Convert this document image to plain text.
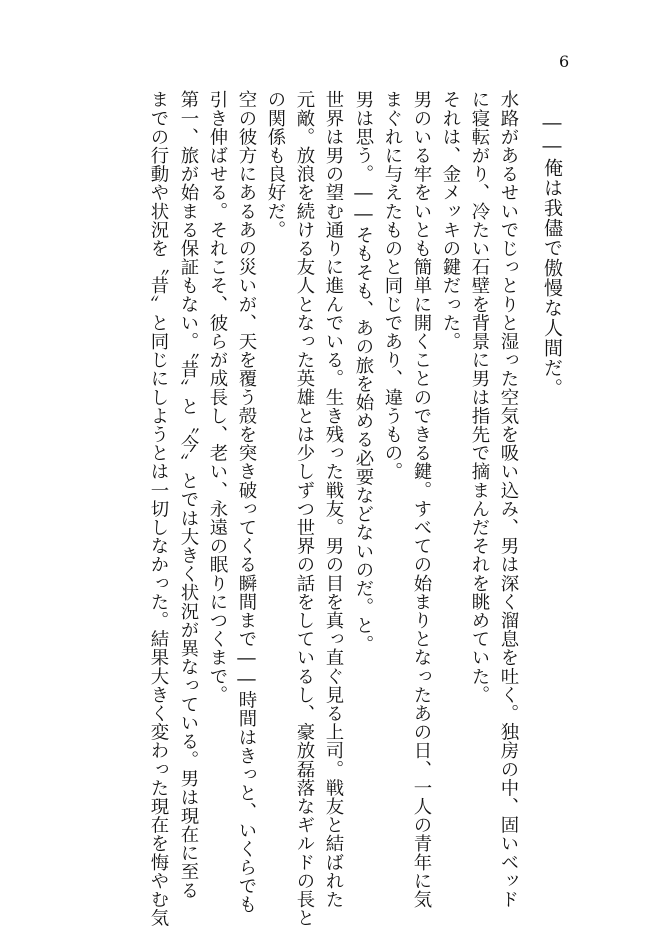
6
――俺は我儘で傲慢な人間だ。
水路があるせいでじっとりと湿った空気を吸い込み、男は深く溜息を吐く。独房の中、固いベッド
に寝転がり、冷たい石壁を背景に男は指先で摘まんだそれを眺めていた。
それは、金メッキの鍵だった。
男のいる牢をいとも簡単に開くことのできる鍵。すべての始まりとなったあの日、一人の青年に気
まぐれに与えたものと同じであり、違うもの。
男は思う。――そもそも、あの旅を始める必要などないのだ。と。
世界は男の望む通りに進んでいる。生き残った戦友。男の目を真っ直ぐ見る上司。戦友と結ばれた
元敵。放浪を続ける友人となった英雄とは少しずつ世界の話をしているし、豪放磊落なギルドの長と
の関係も良好だ。
空の彼方にあるあの災いが、天を覆う殻を突き破ってくる瞬間まで――時間はきっと、いくらでも
引き伸ばせる。それこそ、彼らが成長し、老い、永遠の眠りにつくまで。
第一、旅が始まる保証もない。〝昔〟と〝今〟とでは大きく状況が異なっている。男は現在に至る
までの行動や状況を〝昔〟と同じにしようとは一切しなかった。結果大きく変わった現在を悔やむ気
